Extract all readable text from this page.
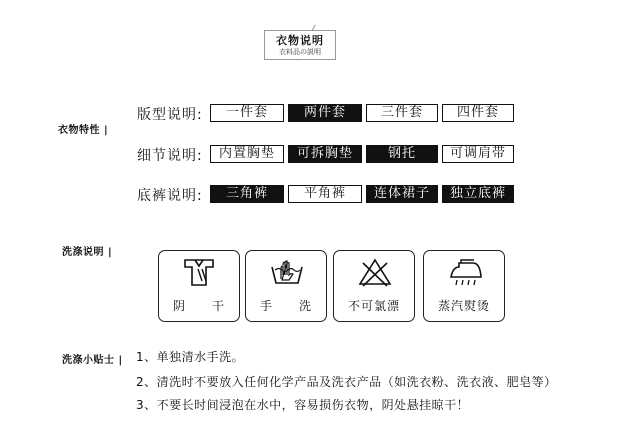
衣物说明
衣料品の説明
衣物特性 |
版型说明:	一件套	两件套	三件套	四件套
细节说明:	内置胸垫	可拆胸垫	钢托	可调肩带
底裤说明:	三角裤	平角裤	连体裙子	独立底裤
洗涤说明 |
阴　　干	手　　洗	不可氯漂	蒸汽熨烫
洗涤小贴士 | 1、单独清水手洗。
2、清洗时不要放入任何化学产品及洗衣产品（如洗衣粉、洗衣液、肥皂等）
3、不要长时间浸泡在水中，容易损伤衣物，阴处悬挂晾干！
